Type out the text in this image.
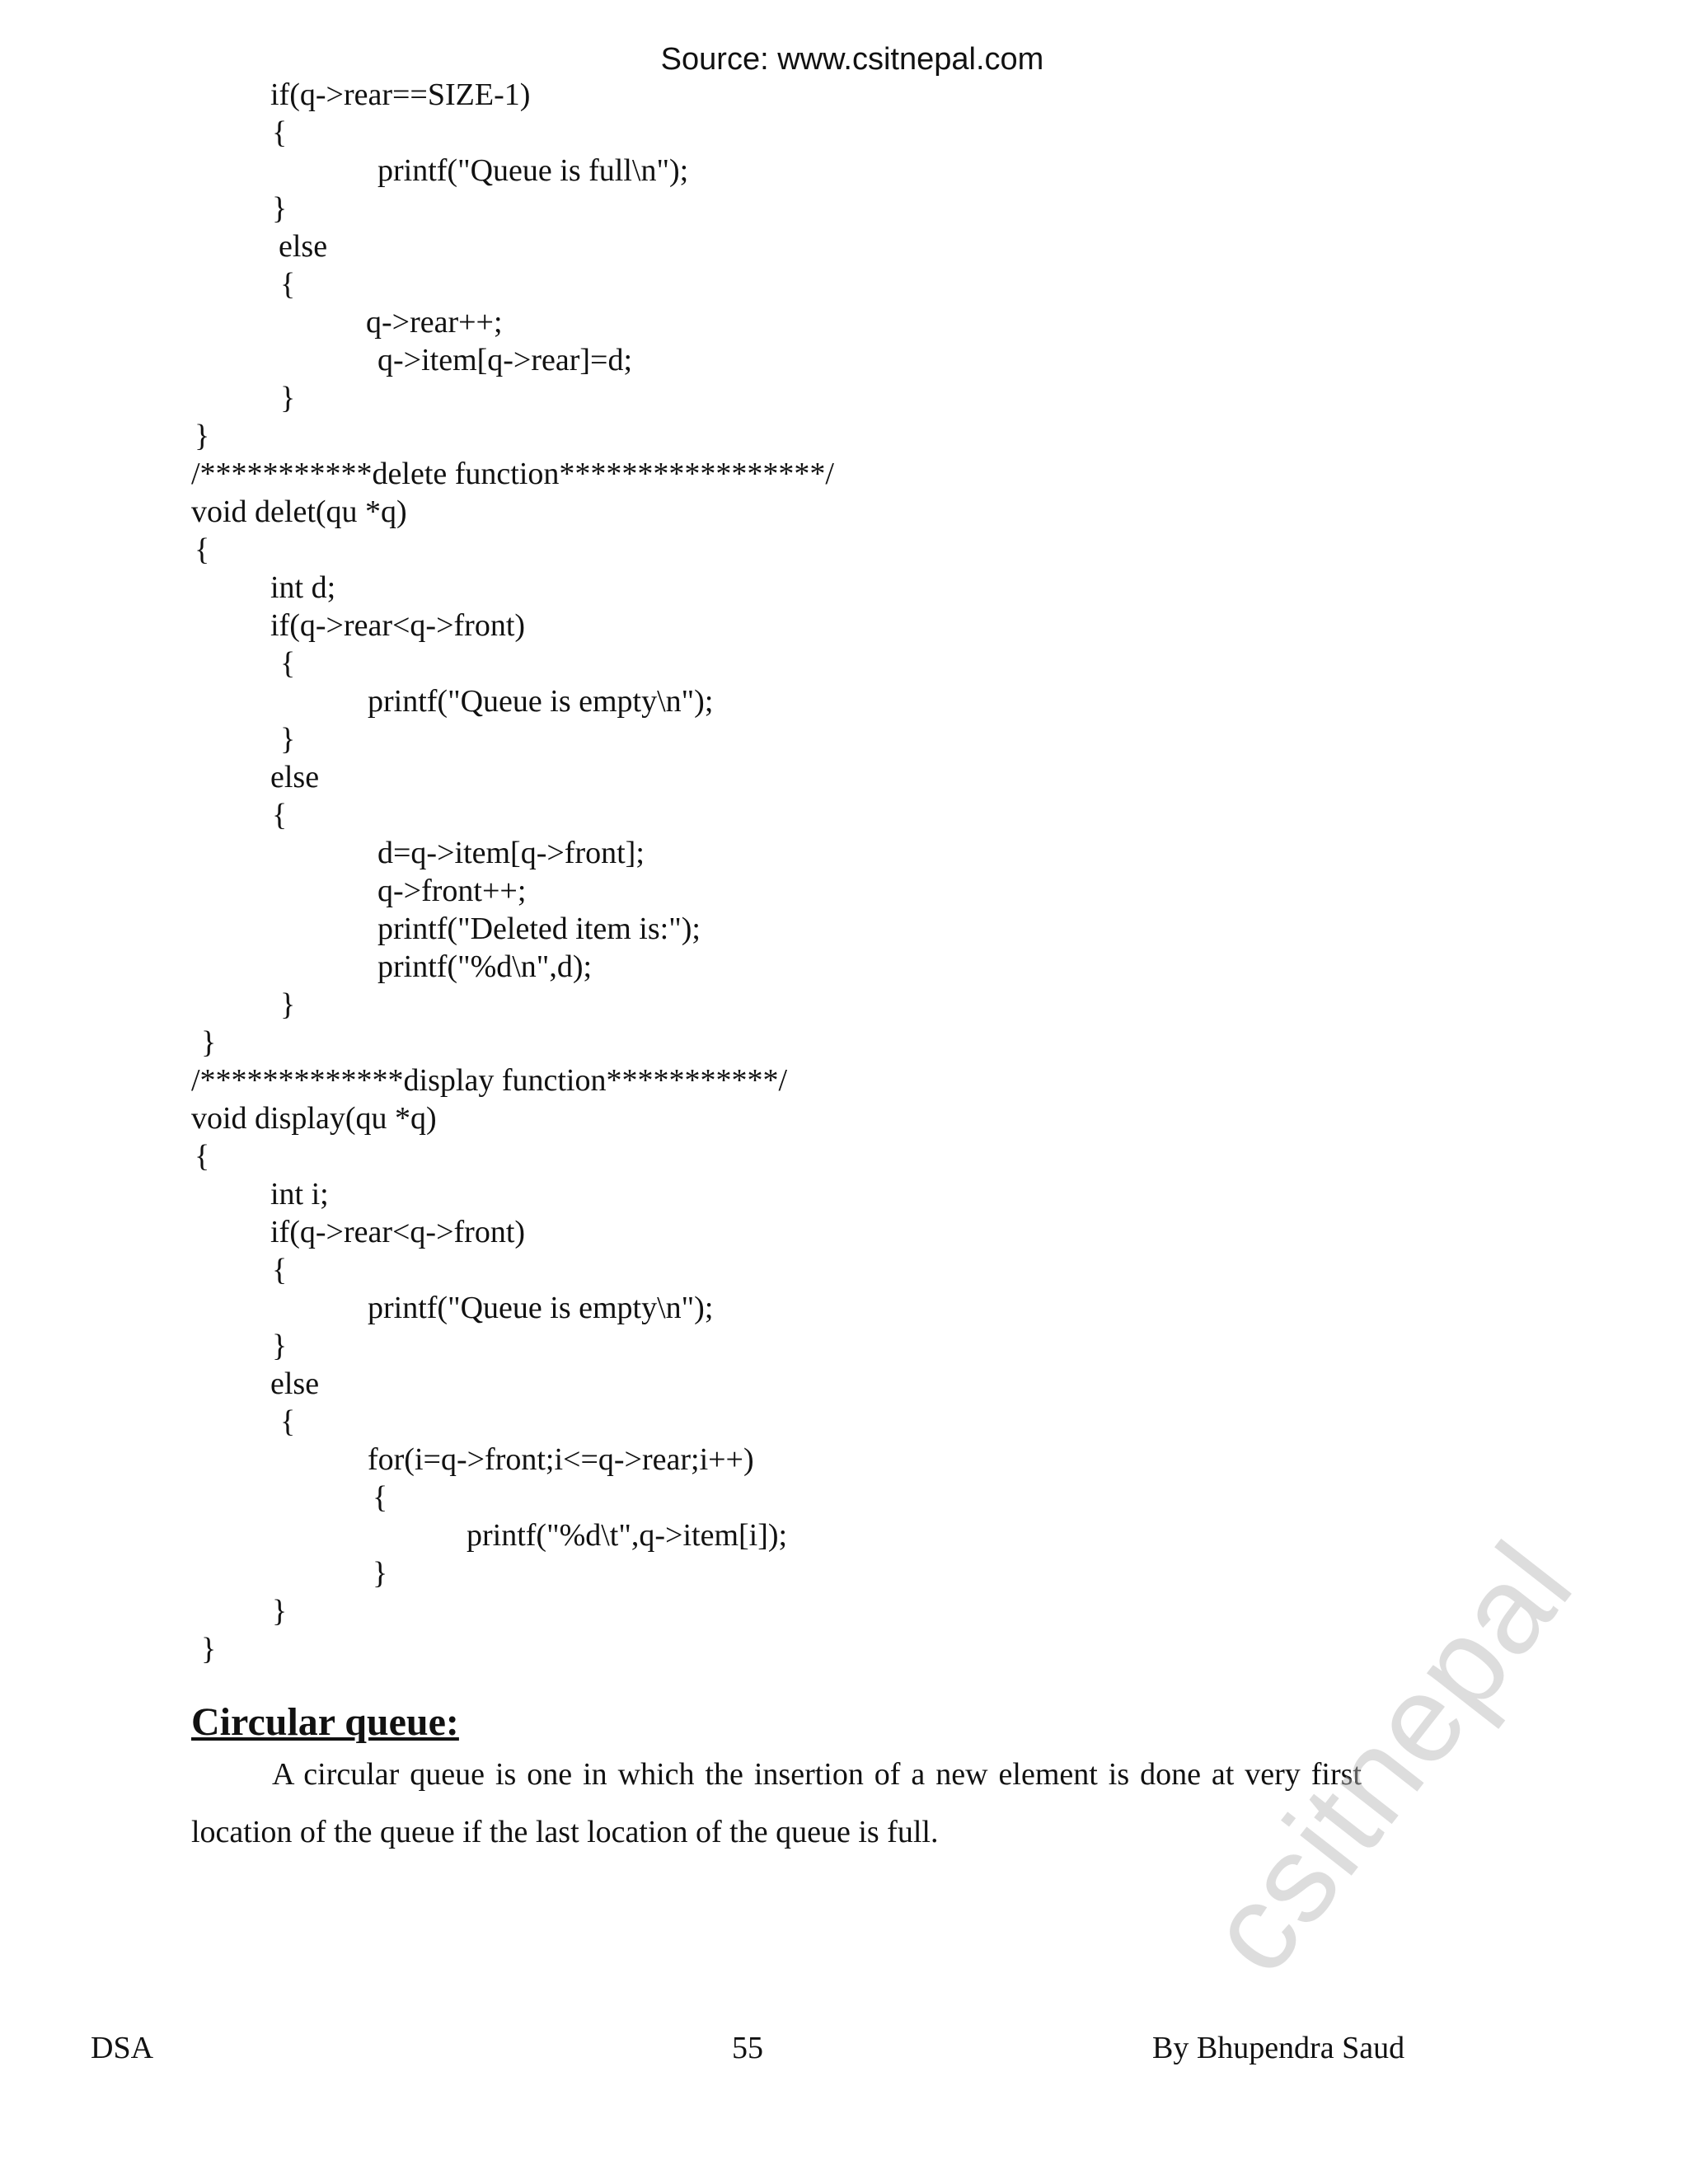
Source: www.csitnepal.com
if(q->rear==SIZE-1)
{
printf("Queue is full\n");
}
else
{
q->rear++;
q->item[q->rear]=d;
}
}
/***********delete function*****************/
void delet(qu *q)
{
int d;
if(q->rear<q->front)
{
printf("Queue is empty\n");
}
else
{
d=q->item[q->front];
q->front++;
printf("Deleted item is:");
printf("%d\n",d);
}
}
/*************display function***********/
void display(qu *q)
{
int i;
if(q->rear<q->front)
{
printf("Queue is empty\n");
}
else
{
for(i=q->front;i<=q->rear;i++)
{
printf("%d\t",q->item[i]);
}
}
}
Circular queue:
A circular queue is one in which the insertion of a new element is done at very first location of the queue if the last location of the queue is full.
DSA	55	By Bhupendra Saud
csitnepal
